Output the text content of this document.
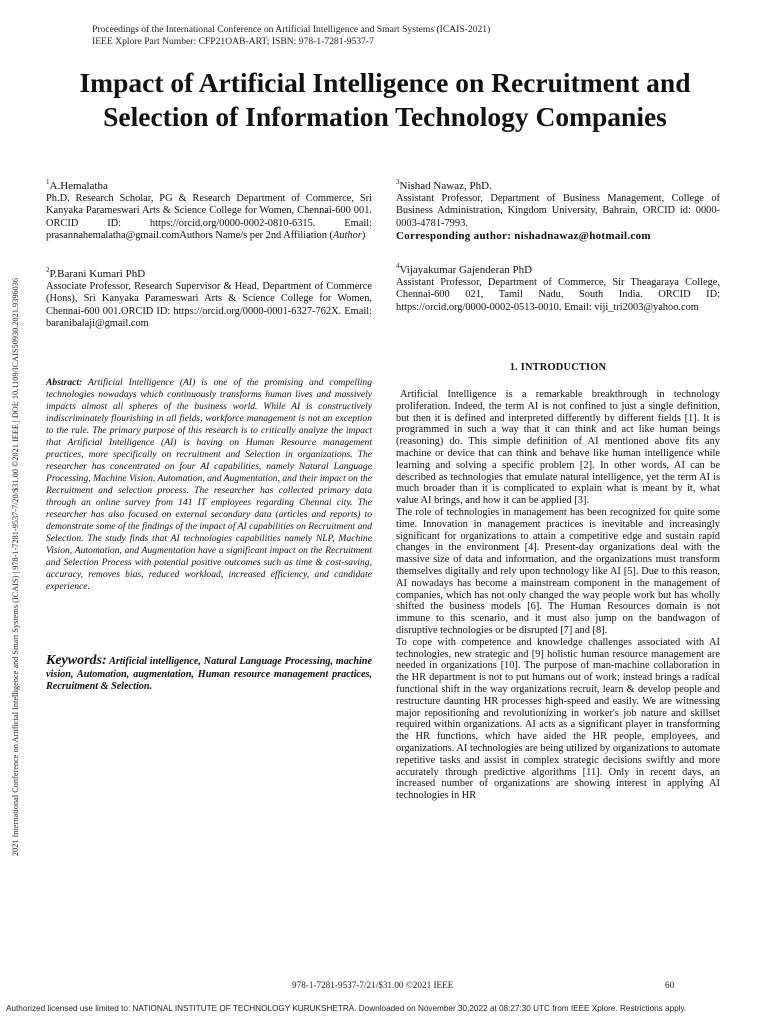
Proceedings of the International Conference on Artificial Intelligence and Smart Systems (ICAIS-2021)
IEEE Xplore Part Number: CFP21OAB-ART; ISBN: 978-1-7281-9537-7
2021 International Conference on Artificial Intelligence and Smart Systems (ICAIS) | 978-1-7281-9537-7/20/$31.00 ©2021 IEEE | DOI: 10.1109/ICAIS50930.2021.9396036
Impact of Artificial Intelligence on Recruitment and Selection of Information Technology Companies
$^1$A.Hemalatha
Ph.D. Research Scholar, PG & Research Department of Commerce, Sri Kanyaka Parameswari Arts & Science College for Women, Chennai-600 001. ORCID ID: https://orcid.org/0000-0002-0810-6315. Email: prasannahemalatha@gmail.comAuthors Name/s per 2nd Affiliation (Author)
$^2$P.Barani Kumari PhD
Associate Professor, Research Supervisor & Head, Department of Commerce (Hons), Sri Kanyaka Parameswari Arts & Science College for Women, Chennai-600 001.ORCID ID: https://orcid.org/0000-0001-6327-762X. Email: baranibalaji@gmail.com
$^3$Nishad Nawaz, PhD.
Assistant Professor, Department of Business Management, College of Business Administration, Kingdom University, Bahrain, ORCID id: 0000-0003-4781-7993.
Corresponding author: nishadnawaz@hotmail.com
$^4$Vijayakumar Gajenderan PhD
Assistant Professor, Department of Commerce, Sir Theagaraya College, Chennai-600 021, Tamil Nadu, South India. ORCID ID: https://orcid.org/0000-0002-0513-0010. Email: viji_tri2003@yahoo.com
Abstract: Artificial Intelligence (AI) is one of the promising and compelling technologies nowadays which continuously transforms human lives and massively impacts almost all spheres of the business world. While AI is constructively indiscriminately flourishing in all fields, workforce management is not an exception to the rule. The primary purpose of this research is to critically analyze the impact that Artificial Intelligence (AI) is having on Human Resource management practices, more specifically on recruitment and Selection in organizations. The researcher has concentrated on four AI capabilities, namely Natural Language Processing, Machine Vision, Automation, and Augmentation, and their impact on the Recruitment and selection process. The researcher has collected primary data through an online survey from 141 IT employees regarding Chennai city. The researcher has also focused on external secondary data (articles and reports) to demonstrate some of the findings of the impact of AI capabilities on Recruitment and Selection. The study finds that AI technologies capabilities namely NLP, Machine Vision, Automation, and Augmentation have a significant impact on the Recruitment and Selection Process with potential positive outcomes such as time & cost-saving, accuracy, removes bias, reduced workload, increased efficiency, and candidate experience.
Keywords: Artificial intelligence, Natural Language Processing, machine vision, Automation, augmentation, Human resource management practices, Recruitment & Selection.
1. INTRODUCTION

Artificial Intelligence is a remarkable breakthrough in technology proliferation. Indeed, the term AI is not confined to just a single definition, but then it is defined and interpreted differently by different fields [1]. It is programmed in such a way that it can think and act like human beings (reasoning) do. This simple definition of AI mentioned above fits any machine or device that can think and behave like human intelligence while learning and solving a specific problem [2]. In other words, AI can be described as technologies that emulate natural intelligence, yet the term AI is much broader than it is complicated to explain what is meant by it, what value AI brings, and how it can be applied [3].

The role of technologies in management has been recognized for quite some time. Innovation in management practices is inevitable and increasingly significant for organizations to attain a competitive edge and sustain rapid changes in the environment [4]. Present-day organizations deal with the massive size of data and information, and the organizations must transform themselves digitally and rely upon technology like AI [5]. Due to this reason, AI nowadays has become a mainstream component in the management of companies, which has not only changed the way people work but has wholly shifted the business models [6]. The Human Resources domain is not immune to this scenario, and it must also jump on the bandwagon of disruptive technologies or be disrupted [7] and [8].

To cope with competence and knowledge challenges associated with AI technologies, new strategic and [9] holistic human resource management are needed in organizations [10]. The purpose of man-machine collaboration in the HR department is not to put humans out of work; instead brings a radical functional shift in the way organizations recruit, learn & develop people and restructure daunting HR processes high-speed and easily. We are witnessing major repositioning and revolutionizing in worker's job nature and skillset required within organizations. AI acts as a significant player in transforming the HR functions, which have aided the HR people, employees, and organizations. AI technologies are being utilized by organizations to automate repetitive tasks and assist in complex strategic decisions swiftly and more accurately through predictive algorithms [11]. Only in recent days, an increased number of organizations are showing interest in applying AI technologies in HR

978-1-7281-9537-7/21/$31.00 ©2021 IEEE	60
Authorized licensed use limited to: NATIONAL INSTITUTE OF TECHNOLOGY KURUKSHETRA. Downloaded on November 30,2022 at 08:27:30 UTC from IEEE Xplore. Restrictions apply.
